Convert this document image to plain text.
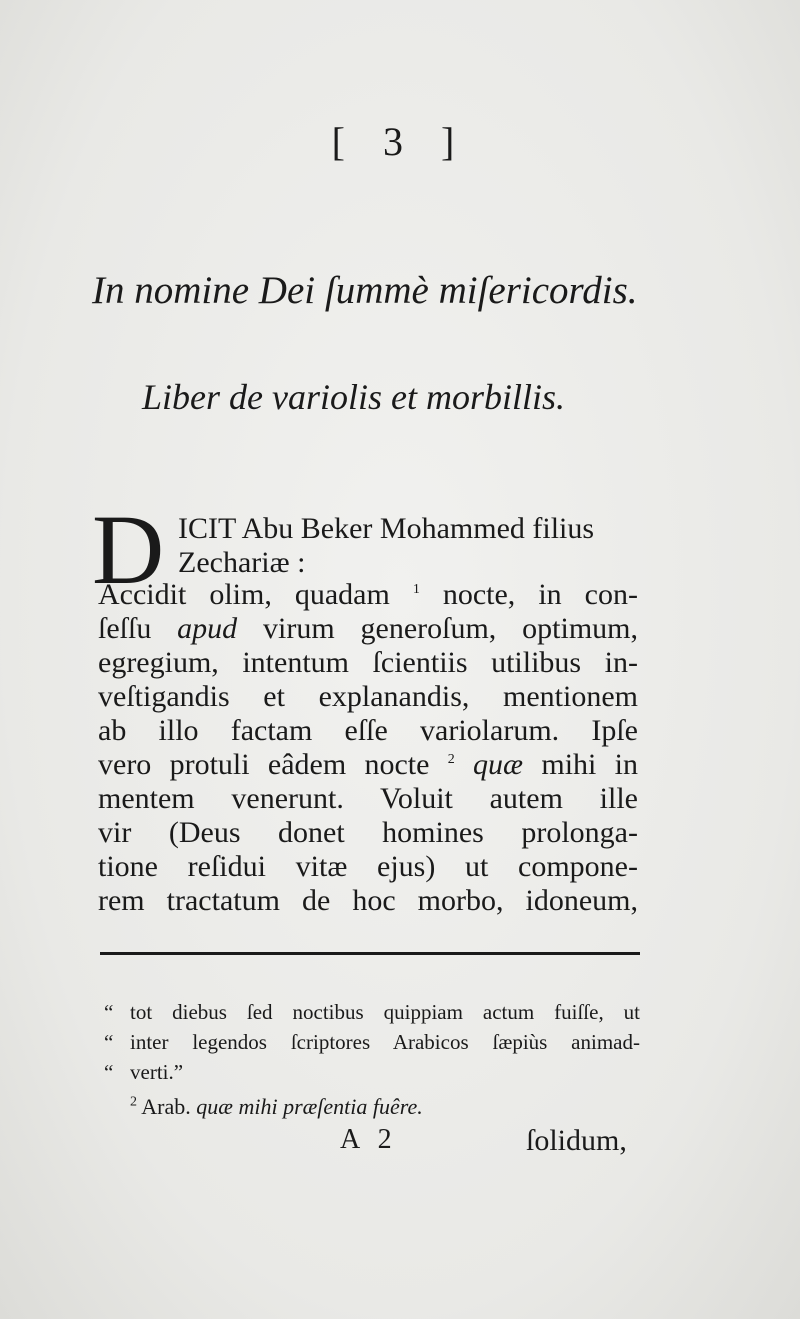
[ 3 ]
In nomine Dei ſummè miſericordis.
Liber de variolis et morbillis.
D ICIT Abu Beker Mohammed filius
Zechariæ :
Accidit olim, quadam $^1$ nocte, in con-
ſeſſu apud virum generoſum, optimum,
egregium, intentum ſcientiis utilibus in-
veſtigandis et explanandis, mentionem
ab illo factam eſſe variolarum. Ipſe
vero protuli eâdem nocte $^2$ quæ mihi in
mentem venerunt. Voluit autem ille
vir (Deus donet homines prolonga-
tione reſidui vitæ ejus) ut compone-
rem tractatum de hoc morbo, idoneum,
“ tot diebus ſed noctibus quippiam actum fuiſſe, ut
“ inter legendos ſcriptores Arabicos ſæpiùs animad-
“ verti.”
$^2$ Arab. quæ mihi præſentia fuêre.
A 2	ſolidum,
